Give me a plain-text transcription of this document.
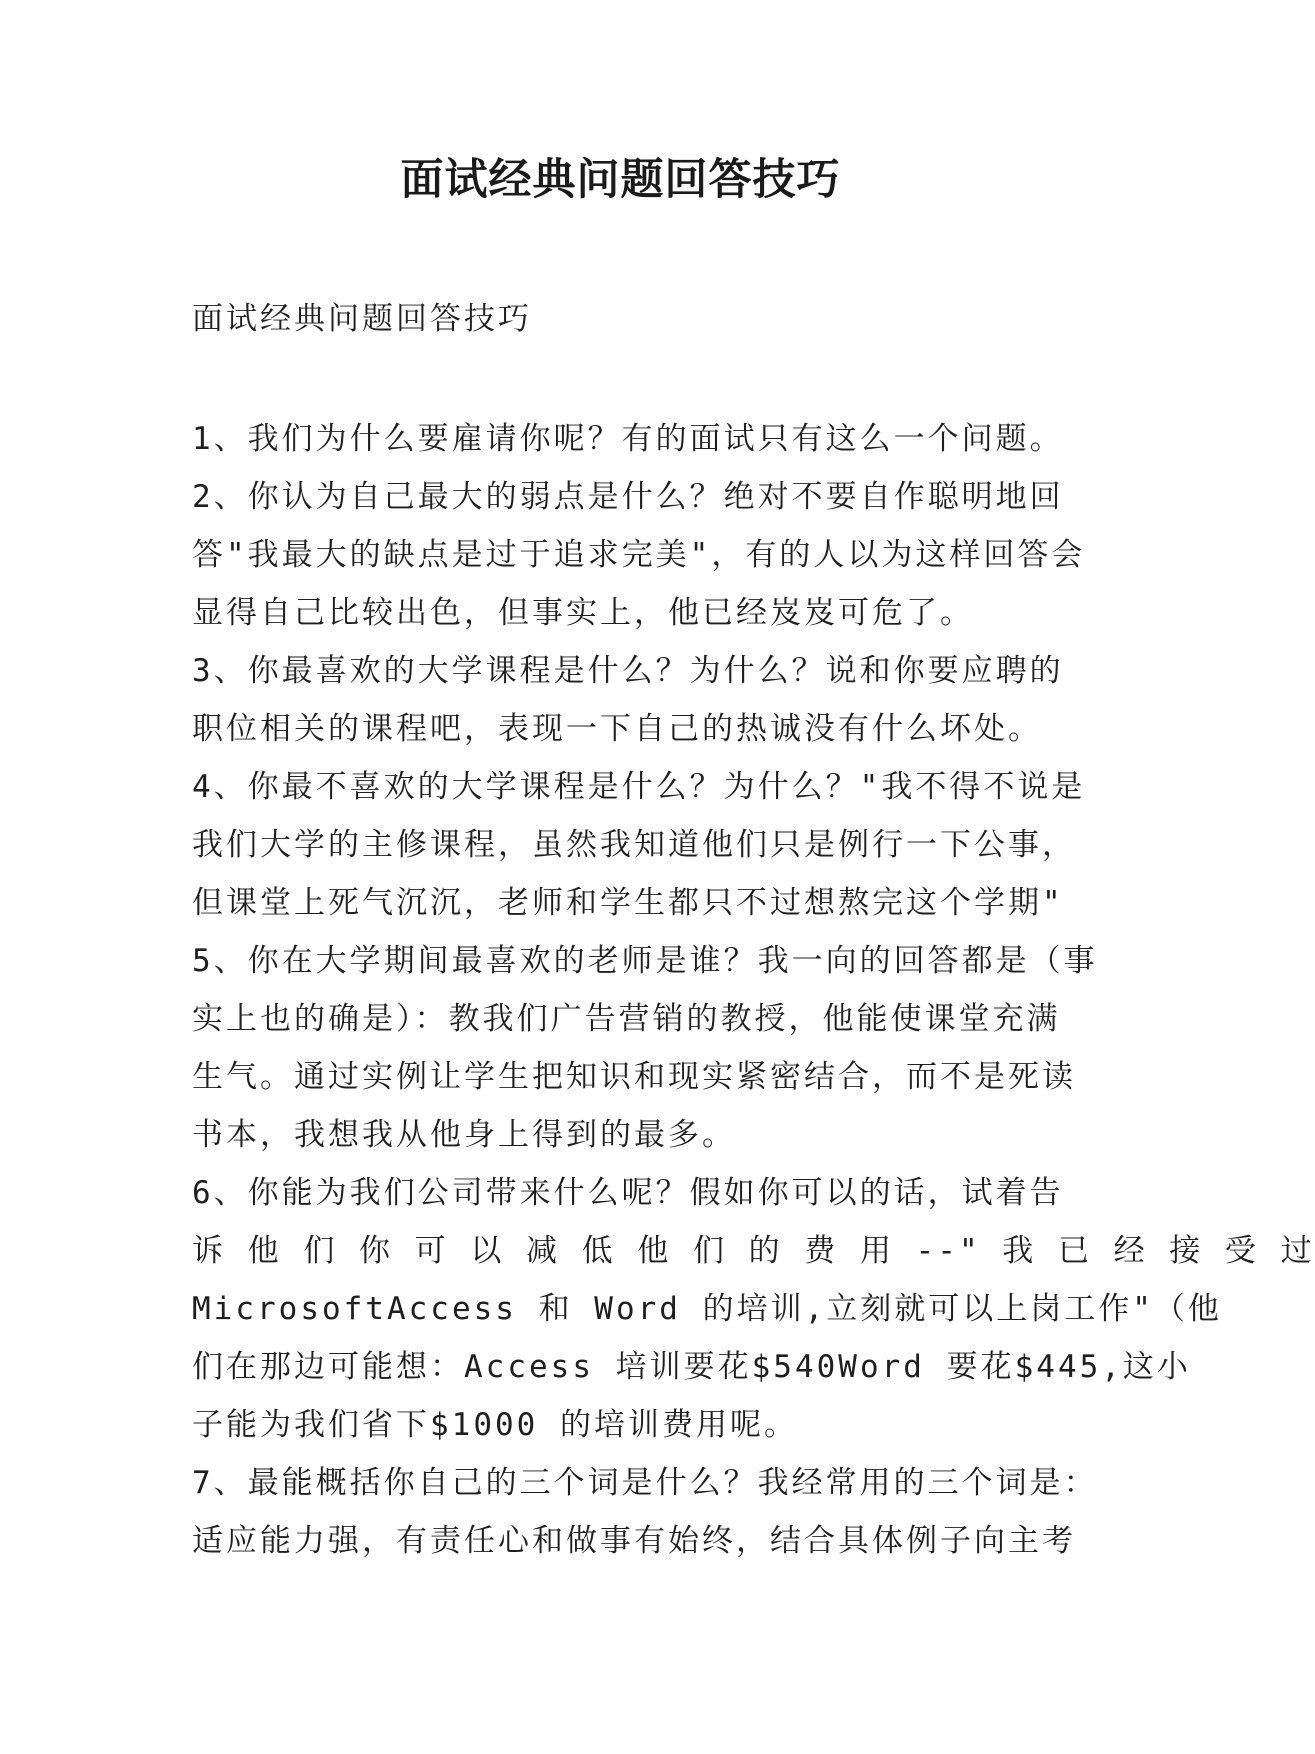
面试经典问题回答技巧

面试经典问题回答技巧

1、我们为什么要雇请你呢？有的面试只有这么一个问题。
2、你认为自己最大的弱点是什么？绝对不要自作聪明地回
答"我最大的缺点是过于追求完美"，有的人以为这样回答会
显得自己比较出色，但事实上，他已经岌岌可危了。
3、你最喜欢的大学课程是什么？为什么？说和你要应聘的
职位相关的课程吧，表现一下自己的热诚没有什么坏处。
4、你最不喜欢的大学课程是什么？为什么？"我不得不说是
我们大学的主修课程，虽然我知道他们只是例行一下公事，
但课堂上死气沉沉，老师和学生都只不过想熬完这个学期"
5、你在大学期间最喜欢的老师是谁？我一向的回答都是（事
实上也的确是）：教我们广告营销的教授，他能使课堂充满
生气。通过实例让学生把知识和现实紧密结合，而不是死读
书本，我想我从他身上得到的最多。
6、你能为我们公司带来什么呢？假如你可以的话，试着告
诉 他 们 你 可 以 减 低 他 们 的 费 用 --" 我 已 经 接 受 过
MicrosoftAccess 和 Word 的培训,立刻就可以上岗工作"（他
们在那边可能想：Access 培训要花$540Word 要花$445,这小
子能为我们省下$1000 的培训费用呢。
7、最能概括你自己的三个词是什么？我经常用的三个词是：
适应能力强，有责任心和做事有始终，结合具体例子向主考
